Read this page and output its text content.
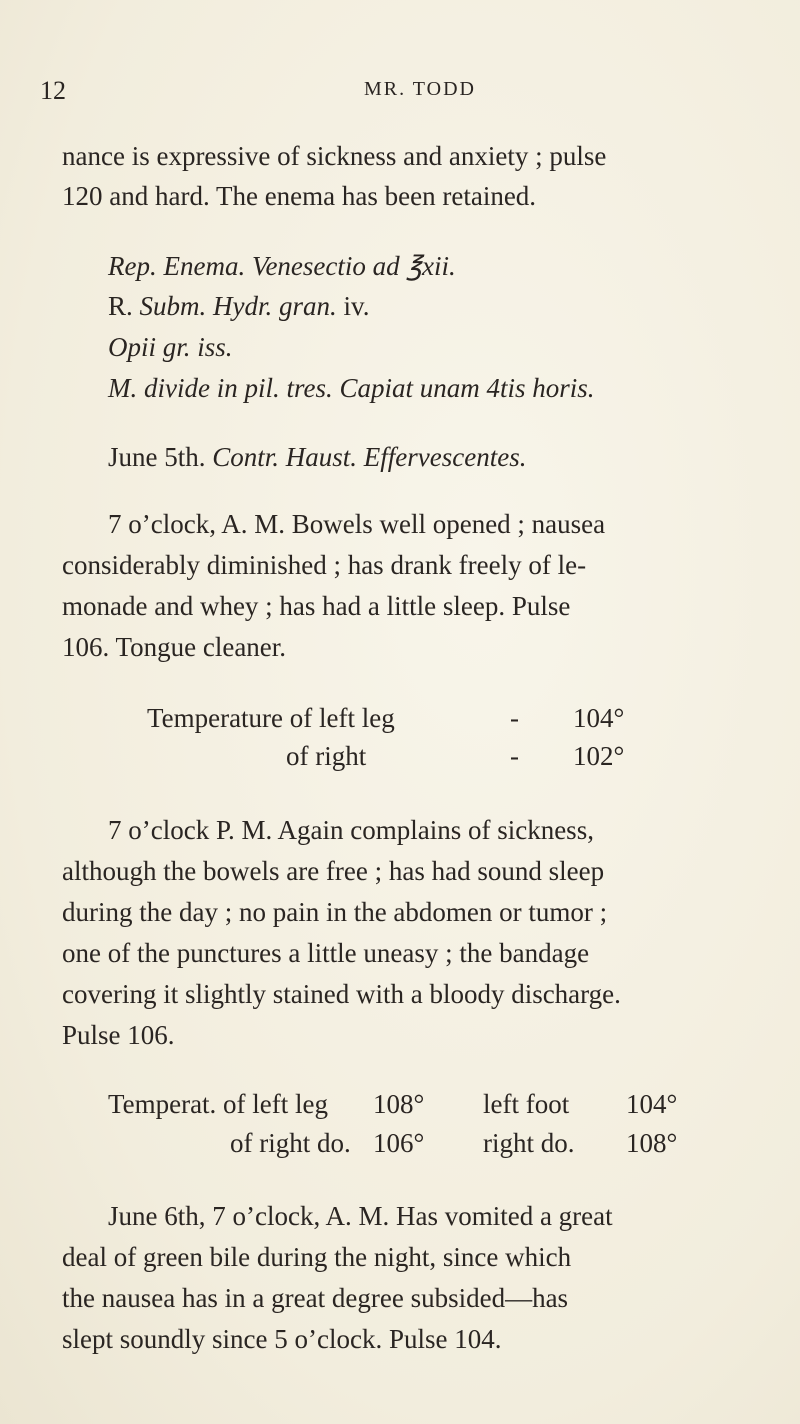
12	MR. TODD
nance is expressive of sickness and anxiety ; pulse
120 and hard. The enema has been retained.
Rep. Enema. Venesectio ad ℥xii.
R. Subm. Hydr. gran. iv.
Opii gr. iss.
M. divide in pil. tres. Capiat unam 4tis horis.
June 5th. Contr. Haust. Effervescentes.
7 o’clock, A. M. Bowels well opened ; nausea
considerably diminished ; has drank freely of le-
monade and whey ; has had a little sleep. Pulse
106. Tongue cleaner.
Temperature of left leg	- 104°
of right	- 102°
7 o’clock P. M. Again complains of sickness,
although the bowels are free ; has had sound sleep
during the day ; no pain in the abdomen or tumor ;
one of the punctures a little uneasy ; the bandage
covering it slightly stained with a bloody discharge.
Pulse 106.
Temperat. of left leg 108° left foot 104°
of right do. 106° right do. 108°
June 6th, 7 o’clock, A. M. Has vomited a great
deal of green bile during the night, since which
the nausea has in a great degree subsided—has
slept soundly since 5 o’clock. Pulse 104.
